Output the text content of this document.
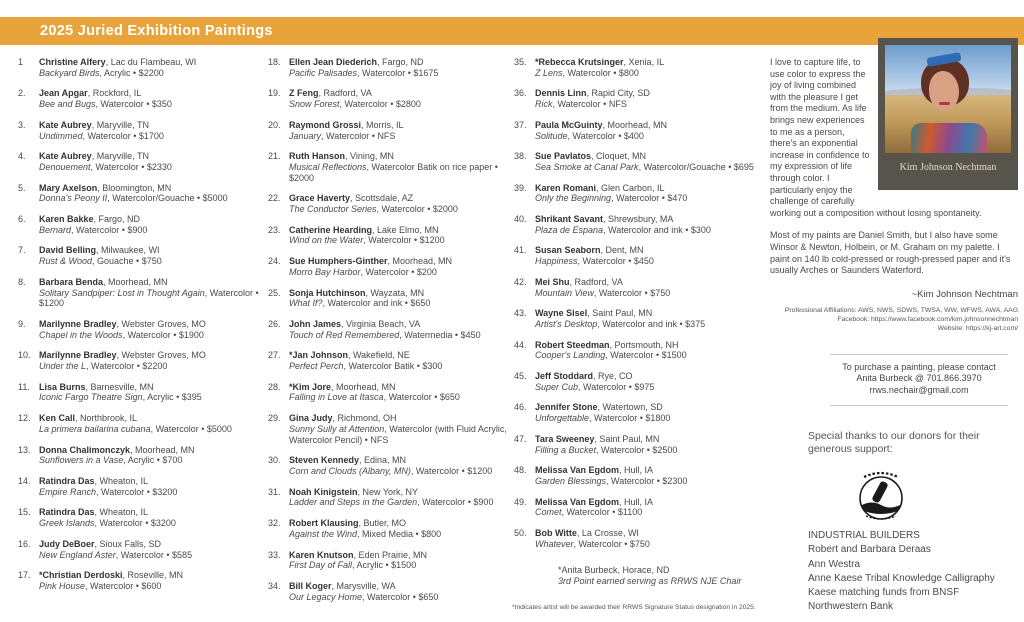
2025 Juried Exhibition Paintings
1	Christine Alfery, Lac du Flambeau, WI
Backyard Birds, Acrylic • $2200
2.	Jean Apgar, Rockford, IL
Bee and Bugs, Watercolor • $350
3.	Kate Aubrey, Maryville, TN
Undimmed, Watercolor • $1700
4.	Kate Aubrey, Maryville, TN
Denouement, Watercolor • $2330
5.	Mary Axelson, Bloomington, MN
Donna's Peony II, Watercolor/Gouache • $5000
6.	Karen Bakke, Fargo, ND
Bernard, Watercolor • $900
7.	David Belling, Milwaukee, WI
Rust & Wood, Gouache • $750
8.	Barbara Benda, Moorhead, MN
Solitary Sandpiper: Lost in Thought Again, Watercolor • $1200
9.	Marilynne Bradley, Webster Groves, MO
Chapel in the Woods, Watercolor • $1900
10. Marilynne Bradley, Webster Groves, MO
Under the L, Watercolor • $2200
11.	Lisa Burns, Barnesville, MN
Iconic Fargo Theatre Sign, Acrylic • $395
12. Ken Call, Northbrook, IL
La primera bailarina cubana, Watercolor • $5000
13. Donna Chalimonczyk, Moorhead, MN
Sunflowers in a Vase, Acrylic • $700
14. Ratindra Das, Wheaton, IL
Empire Ranch, Watercolor • $3200
15. Ratindra Das, Wheaton, IL
Greek Islands, Watercolor • $3200
16. Judy DeBoer, Sioux Falls, SD
New England Aster, Watercolor • $585
17. *Christian Derdoski, Roseville, MN
Pink House, Watercolor • $600
18. Ellen Jean Diederich, Fargo, ND
Pacific Palisades, Watercolor • $1675
19. Z Feng, Radford, VA
Snow Forest, Watercolor • $2800
20. Raymond Grossi, Morris, IL
January, Watercolor • NFS
21. Ruth Hanson, Vining, MN
Musical Reflections, Watercolor Batik on rice paper • $2000
22. Grace Haverty, Scottsdale, AZ
The Conductor Series, Watercolor • $2000
23. Catherine Hearding, Lake Elmo, MN
Wind on the Water, Watercolor • $1200
24. Sue Humphers-Ginther, Moorhead, MN
Morro Bay Harbor, Watercolor • $200
25. Sonja Hutchinson, Wayzata, MN
What If?, Watercolor and ink • $650
26. John James, Virginia Beach, VA
Touch of Red Remembered, Watermedia • $450
27. *Jan Johnson, Wakefield, NE
Perfect Perch, Watercolor Batik • $300
28. *Kim Jore, Moorhead, MN
Falling in Love at Itasca, Watercolor • $650
29. Gina Judy, Richmond, OH
Sunny Sully at Attention, Watercolor (with Fluid Acrylic, Watercolor Pencil) • NFS
30. Steven Kennedy, Edina, MN
Corn and Clouds (Albany, MN), Watercolor • $1200
31. Noah Kinigstein, New York, NY
Ladder and Steps in the Garden, Watercolor • $900
32. Robert Klausing, Butler, MO
Against the Wind, Mixed Media • $800
33. Karen Knutson, Eden Prairie, MN
First Day of Fall, Acrylic • $1500
34. Bill Koger, Marysville, WA
Our Legacy Home, Watercolor • $650
35. *Rebecca Krutsinger, Xenia, IL
Z Lens, Watercolor • $800
36. Dennis Linn, Rapid City, SD
Rick, Watercolor • NFS
37. Paula McGuinty, Moorhead, MN
Solitude, Watercolor • $400
38. Sue Pavlatos, Cloquet, MN
Sea Smoke at Canal Park, Watercolor/Gouache • $695
39. Karen Romani, Glen Carbon, IL
Only the Beginning, Watercolor • $470
40. Shrikant Savant, Shrewsbury, MA
Plaza de Espana, Watercolor and ink • $300
41. Susan Seaborn, Dent, MN
Happiness, Watercolor • $450
42. Mei Shu, Radford, VA
Mountain View, Watercolor • $750
43. Wayne Sisel, Saint Paul, MN
Artist's Desktop, Watercolor and ink • $375
44. Robert Steedman, Portsmouth, NH
Cooper's Landing, Watercolor • $1500
45. Jeff Stoddard, Rye, CO
Super Cub, Watercolor • $975
46. Jennifer Stone, Watertown, SD
Unforgettable, Watercolor • $1800
47. Tara Sweeney, Saint Paul, MN
Filling a Bucket, Watercolor • $2500
48. Melissa Van Egdom, Hull, IA
Garden Blessings, Watercolor • $2300
49. Melissa Van Egdom, Hull, IA
Comet, Watercolor • $1100
50. Bob Witte, La Crosse, WI
Whatever, Watercolor • $750
*Anita Burbeck, Horace, ND
3rd Point earned serving as RRWS NJE Chair
*Indicates artist will be awarded their RRWS Signature Status designation in 2025.
Kim Johnson Nechtman

I love to capture life, to use color to express the joy of living combined with the pleasure I get from the medium. As life brings new experiences to me as a person, there's an exponential increase in confidence to my expression of life through color. I particularly enjoy the challenge of carefully working out a composition without losing spontaneity.

Most of my paints are Daniel Smith, but I also have some Winsor & Newton, Holbein, or M. Graham on my palette. I paint on 140 lb cold-pressed or rough-pressed paper and it's usually Arches or Saunders Waterford.

~Kim Johnson Nechtman
Professional Affiliations: AWS, NWS, SDWS, TWSA, WW, WFWS, AWA, AAG
Facebook: https://www.facebook.com/kim.johnsonnechtman
Website: https://kj-art.com/
To purchase a painting, please contact
Anita Burbeck @ 701.866.3970
rrws.nechair@gmail.com
Special thanks to our donors for their generous support:
INDUSTRIAL BUILDERS
Robert and Barbara Deraas
Ann Westra
Anne Kaese Tribal Knowledge Calligraphy
Kaese matching funds from BNSF
Northwestern Bank
